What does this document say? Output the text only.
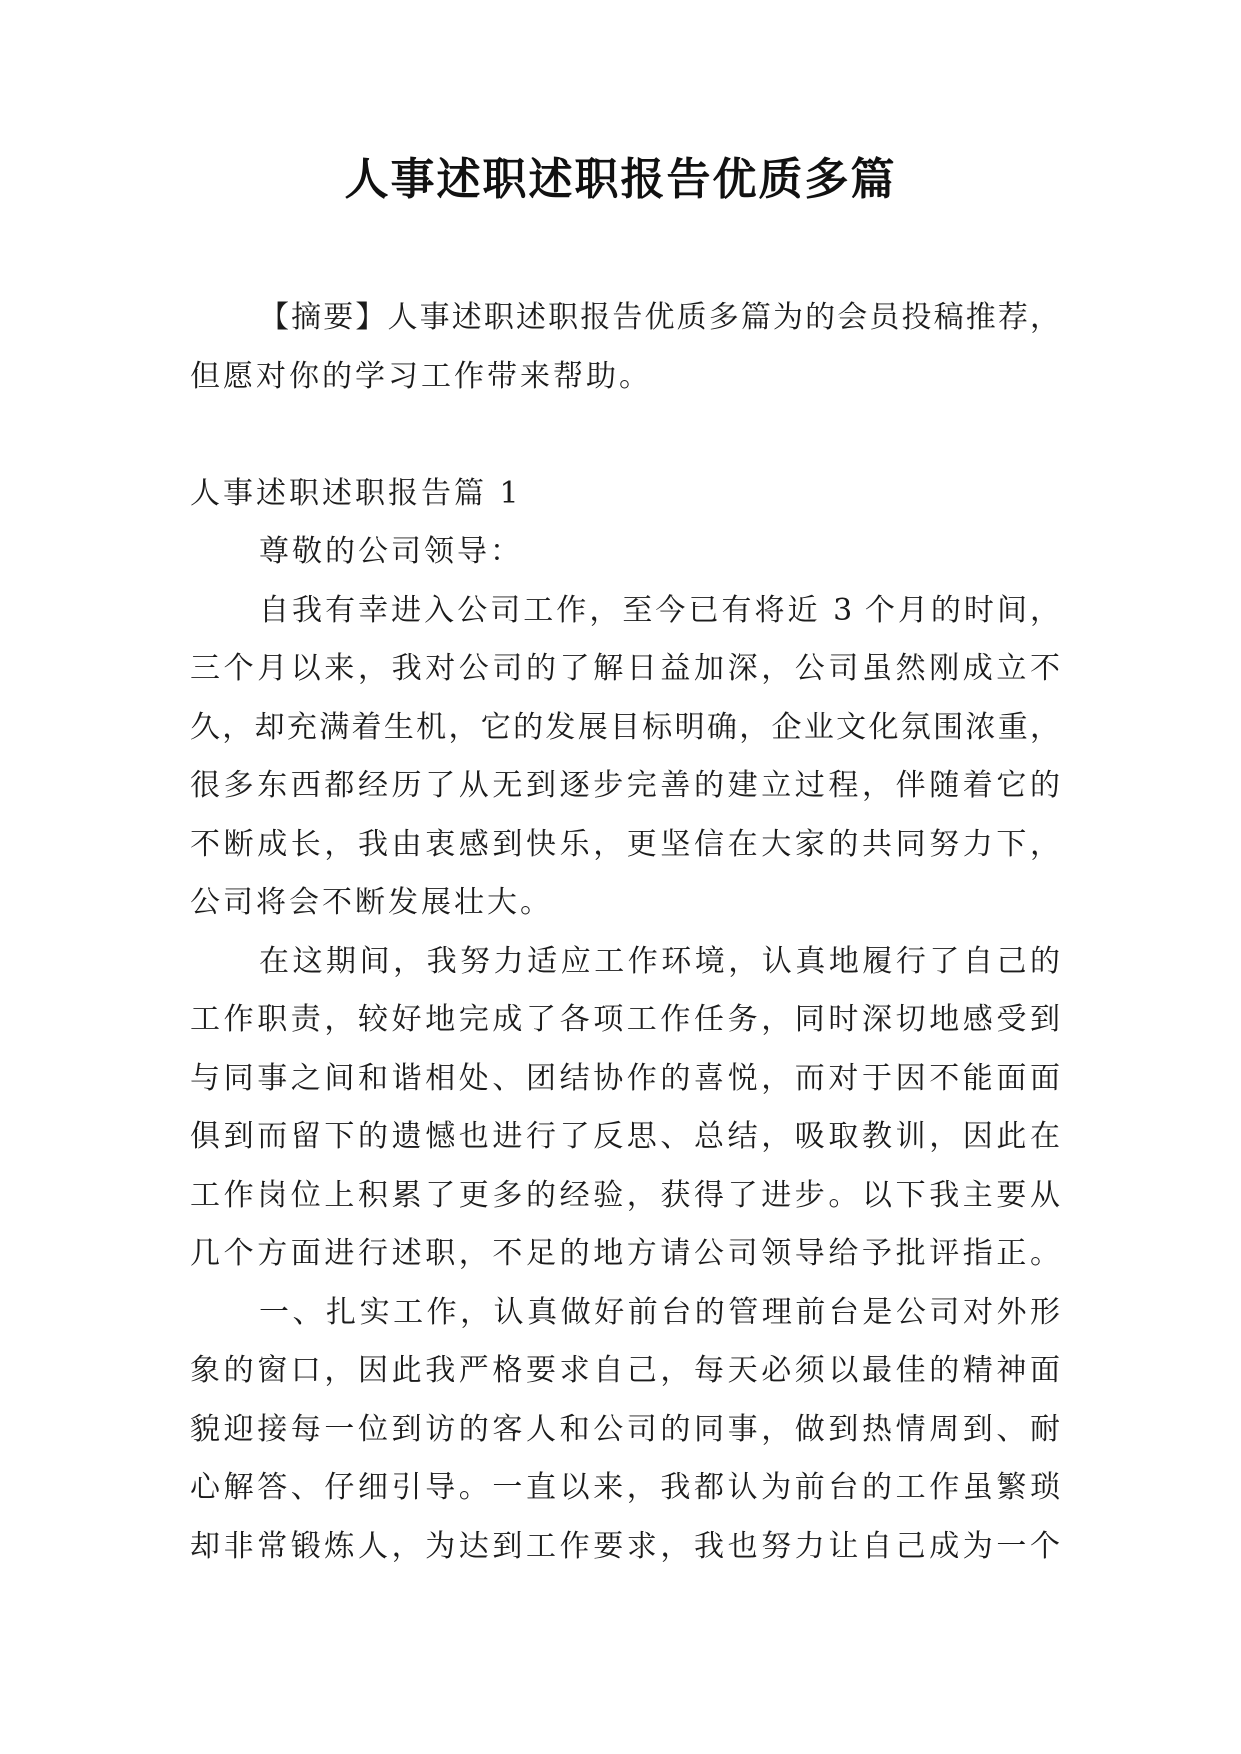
人事述职述职报告优质多篇
【摘要】人事述职述职报告优质多篇为的会员投稿推荐，
但愿对你的学习工作带来帮助。
人事述职述职报告篇 1
尊敬的公司领导：
自我有幸进入公司工作，至今已有将近 3 个月的时间，
三个月以来，我对公司的了解日益加深，公司虽然刚成立不
久，却充满着生机，它的发展目标明确，企业文化氛围浓重，
很多东西都经历了从无到逐步完善的建立过程，伴随着它的
不断成长，我由衷感到快乐，更坚信在大家的共同努力下，
公司将会不断发展壮大。
在这期间，我努力适应工作环境，认真地履行了自己的
工作职责，较好地完成了各项工作任务，同时深切地感受到
与同事之间和谐相处、团结协作的喜悦，而对于因不能面面
俱到而留下的遗憾也进行了反思、总结，吸取教训，因此在
工作岗位上积累了更多的经验，获得了进步。以下我主要从
几个方面进行述职，不足的地方请公司领导给予批评指正。
一、扎实工作，认真做好前台的管理前台是公司对外形
象的窗口，因此我严格要求自己，每天必须以最佳的精神面
貌迎接每一位到访的客人和公司的同事，做到热情周到、耐
心解答、仔细引导。一直以来，我都认为前台的工作虽繁琐
却非常锻炼人，为达到工作要求，我也努力让自己成为一个
